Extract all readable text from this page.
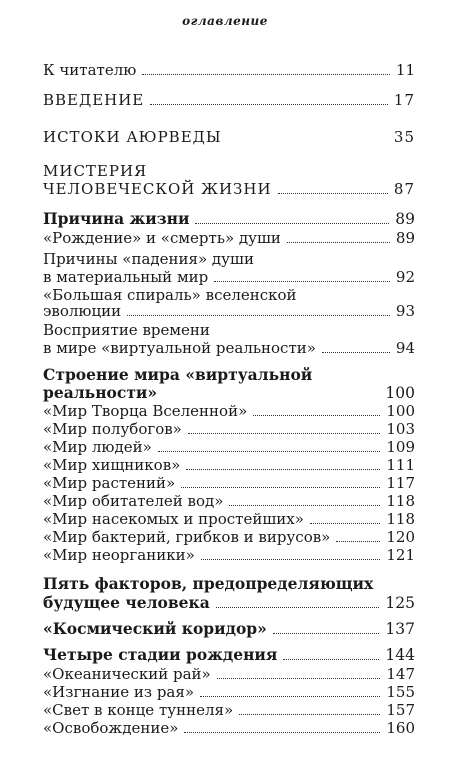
оглавление
К читателю	11
ВВЕДЕНИЕ	17
ИСТОКИ АЮРВЕДЫ	35
МИСТЕРИЯ
ЧЕЛОВЕЧЕСКОЙ ЖИЗНИ	87
Причина жизни	89
«Рождение» и «смерть» души	89
Причины «падения» души
в материальный мир	92
«Большая спираль» вселенской
эволюции	93
Восприятие времени
в мире «виртуальной реальности»	94
Строение мира «виртуальной
реальности»	100
«Мир Творца Вселенной»	100
«Мир полубогов»	103
«Мир людей»	109
«Мир хищников»	111
«Мир растений»	117
«Мир обитателей вод»	118
«Мир насекомых и простейших»	118
«Мир бактерий, грибков и вирусов»	120
«Мир неорганики»	121
Пять факторов, предопределяющих
будущее человека	125
«Космический коридор»	137
Четыре стадии рождения	144
«Океанический рай»	147
«Изгнание из рая»	155
«Свет в конце туннеля»	157
«Освобождение»	160
